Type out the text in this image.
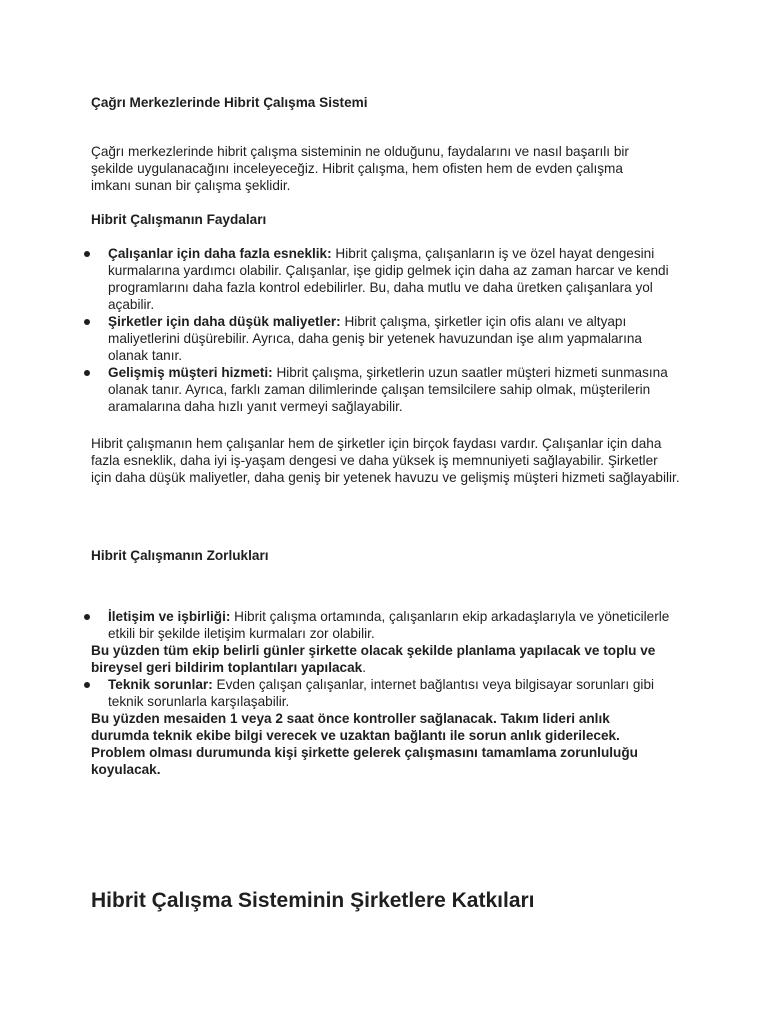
Çağrı Merkezlerinde Hibrit Çalışma Sistemi

Çağrı merkezlerinde hibrit çalışma sisteminin ne olduğunu, faydalarını ve nasıl başarılı bir şekilde uygulanacağını inceleyeceğiz. Hibrit çalışma, hem ofisten hem de evden çalışma imkanı sunan bir çalışma şeklidir.

Hibrit Çalışmanın Faydaları
Çalışanlar için daha fazla esneklik: Hibrit çalışma, çalışanların iş ve özel hayat dengesini kurmalarına yardımcı olabilir. Çalışanlar, işe gidip gelmek için daha az zaman harcar ve kendi programlarını daha fazla kontrol edebilirler. Bu, daha mutlu ve daha üretken çalışanlara yol açabilir.
Şirketler için daha düşük maliyetler: Hibrit çalışma, şirketler için ofis alanı ve altyapı maliyetlerini düşürebilir. Ayrıca, daha geniş bir yetenek havuzundan işe alım yapmalarına olanak tanır.
Gelişmiş müşteri hizmeti: Hibrit çalışma, şirketlerin uzun saatler müşteri hizmeti sunmasına olanak tanır. Ayrıca, farklı zaman dilimlerinde çalışan temsilcilere sahip olmak, müşterilerin aramalarına daha hızlı yanıt vermeyi sağlayabilir.

Hibrit çalışmanın hem çalışanlar hem de şirketler için birçok faydası vardır. Çalışanlar için daha fazla esneklik, daha iyi iş-yaşam dengesi ve daha yüksek iş memnuniyeti sağlayabilir. Şirketler için daha düşük maliyetler, daha geniş bir yetenek havuzu ve gelişmiş müşteri hizmeti sağlayabilir.

Hibrit Çalışmanın Zorlukları
İletişim ve işbirliği: Hibrit çalışma ortamında, çalışanların ekip arkadaşlarıyla ve yöneticilerle etkili bir şekilde iletişim kurmaları zor olabilir.

Bu yüzden tüm ekip belirli günler şirkette olacak şekilde planlama yapılacak ve toplu ve bireysel geri bildirim toplantıları yapılacak.

Teknik sorunlar: Evden çalışan çalışanlar, internet bağlantısı veya bilgisayar sorunları gibi teknik sorunlarla karşılaşabilir.

Bu yüzden mesaiden 1 veya 2 saat önce kontroller sağlanacak. Takım lideri anlık durumda teknik ekibe bilgi verecek ve uzaktan bağlantı ile sorun anlık giderilecek. Problem olması durumunda kişi şirkette gelerek çalışmasını tamamlama zorunluluğu koyulacak.

Hibrit Çalışma Sisteminin Şirketlere Katkıları
